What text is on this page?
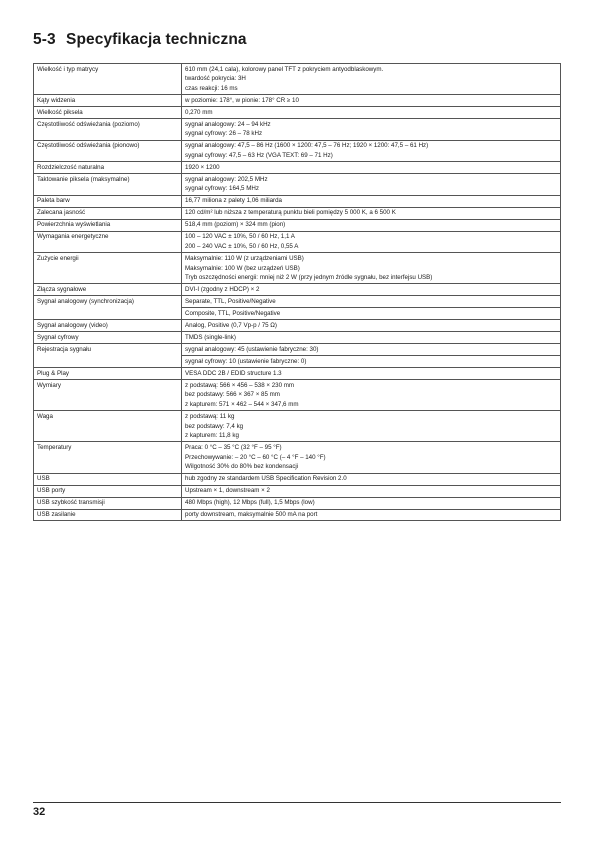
5-3 Specyfikacja techniczna
Wielkość i typ matrycy	610 mm (24,1 cala), kolorowy panel TFT z pokryciem antyodblaskowym.
twardość pokrycia: 3H
czas reakcji: 16 ms

Kąty widzenia	w poziomie: 178°, w pionie: 178° CR ≥ 10

Wielkość piksela	0,270 mm

Częstotliwość odświeżania (poziomo)	sygnał analogowy: 24 – 94 kHz
sygnał cyfrowy: 26 – 78 kHz

Częstotliwość odświeżania (pionowo)	sygnał analogowy: 47,5 – 86 Hz (1600 × 1200: 47,5 – 76 Hz; 1920 × 1200: 47,5 – 61 Hz)
sygnał cyfrowy: 47,5 – 63 Hz (VGA TEXT: 69 – 71 Hz)

Rozdzielczość naturalna	1920 × 1200

Taktowanie piksela (maksymalne)	sygnał analogowy: 202,5 MHz
sygnał cyfrowy: 164,5 MHz

Paleta barw	16,77 miliona z palety 1,06 miliarda

Zalecana jasność	120 cd/m² lub niższa z temperaturą punktu bieli pomiędzy 5 000 K, a 6 500 K

Powierzchnia wyświetlania	518,4 mm (poziom) × 324 mm (pion)

Wymagania energetyczne	100 – 120 VAC ± 10%, 50 / 60 Hz, 1,1 A
200 – 240 VAC ± 10%, 50 / 60 Hz, 0,55 A

Zużycie energii	Maksymalnie: 110 W (z urządzeniami USB)
Maksymalnie: 100 W (bez urządzeń USB)
Tryb oszczędności energii: mniej niż 2 W (przy jednym źródle sygnału, bez interfejsu USB)

Złącza sygnałowe	DVI-I (zgodny z HDCP) × 2

Sygnał analogowy (synchronizacja)	Separate, TTL, Positive/Negative

	Composite, TTL, Positive/Negative

Sygnał analogowy (video)	Analog, Positive (0,7 Vp-p / 75 Ω)

Sygnał cyfrowy	TMDS (single-link)

Rejestracja sygnału	sygnał analogowy: 45 (ustawienie fabryczne: 30)

	sygnał cyfrowy: 10 (ustawienie fabryczne: 0)

Plug & Play	VESA DDC 2B / EDID structure 1.3

Wymiary	z podstawą: 566 × 456 – 538 × 230 mm
bez podstawy: 566 × 367 × 85 mm
z kapturem: 571 × 462 – 544 × 347,6 mm

Waga	z podstawą: 11 kg
bez podstawy: 7,4 kg
z kapturem: 11,8 kg

Temperatury	Praca: 0 °C – 35 °C (32 °F – 95 °F)
Przechowywanie: – 20 °C – 60 °C (– 4 °F – 140 °F)
Wilgotność 30% do 80% bez kondensacji

USB	hub zgodny ze standardem USB Specification Revision 2.0

USB porty	Upstream × 1, downstream × 2

USB szybkość transmisji	480 Mbps (high), 12 Mbps (full), 1,5 Mbps (low)

USB zasilanie	porty downstream, maksymalnie 500 mA na port
32
